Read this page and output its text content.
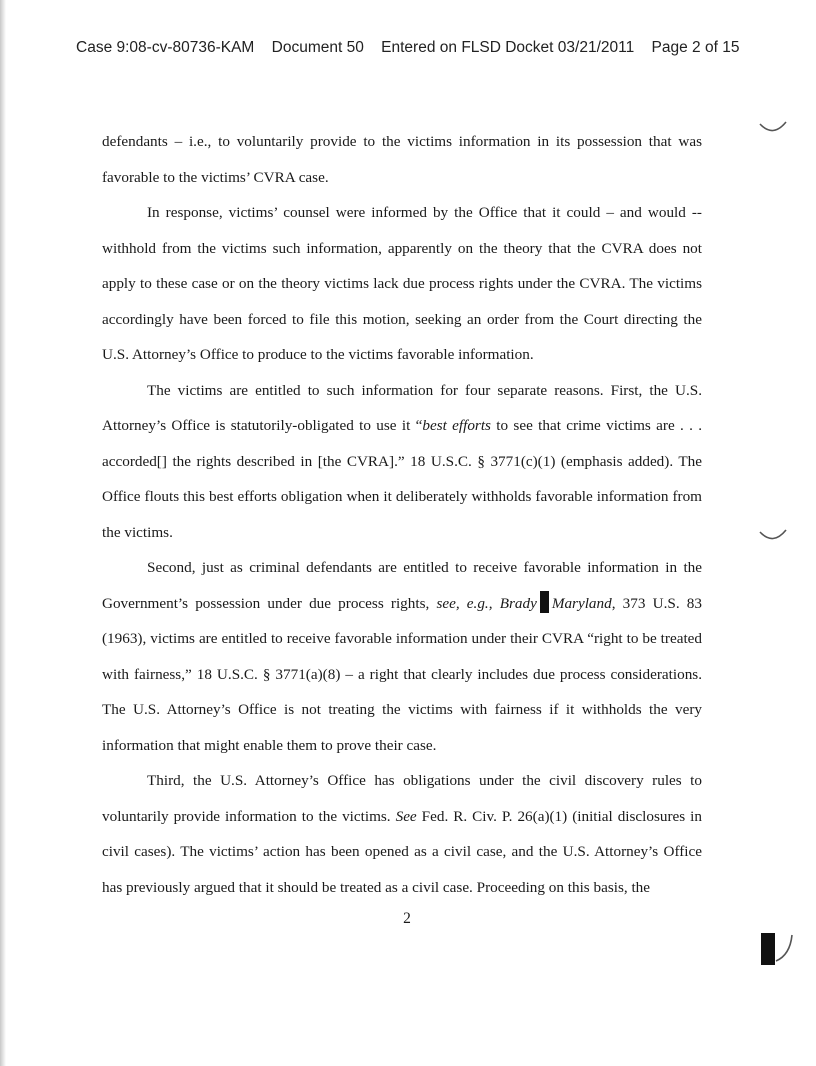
Case 9:08-cv-80736-KAM Document 50 Entered on FLSD Docket 03/21/2011 Page 2 of 15

defendants – i.e., to voluntarily provide to the victims information in its possession that was favorable to the victims’ CVRA case.

In response, victims’ counsel were informed by the Office that it could – and would -- withhold from the victims such information, apparently on the theory that the CVRA does not apply to these case or on the theory victims lack due process rights under the CVRA. The victims accordingly have been forced to file this motion, seeking an order from the Court directing the U.S. Attorney’s Office to produce to the victims favorable information.

The victims are entitled to such information for four separate reasons. First, the U.S. Attorney’s Office is statutorily-obligated to use it “best efforts to see that crime victims are . . . accorded[] the rights described in [the CVRA].” 18 U.S.C. § 3771(c)(1) (emphasis added). The Office flouts this best efforts obligation when it deliberately withholds favorable information from the victims.

Second, just as criminal defendants are entitled to receive favorable information in the Government’s possession under due process rights, see, e.g., Brady Maryland, 373 U.S. 83 (1963), victims are entitled to receive favorable information under their CVRA “right to be treated with fairness,” 18 U.S.C. § 3771(a)(8) – a right that clearly includes due process considerations. The U.S. Attorney’s Office is not treating the victims with fairness if it withholds the very information that might enable them to prove their case.

Third, the U.S. Attorney’s Office has obligations under the civil discovery rules to voluntarily provide information to the victims. See Fed. R. Civ. P. 26(a)(1) (initial disclosures in civil cases). The victims’ action has been opened as a civil case, and the U.S. Attorney’s Office has previously argued that it should be treated as a civil case. Proceeding on this basis, the

2
